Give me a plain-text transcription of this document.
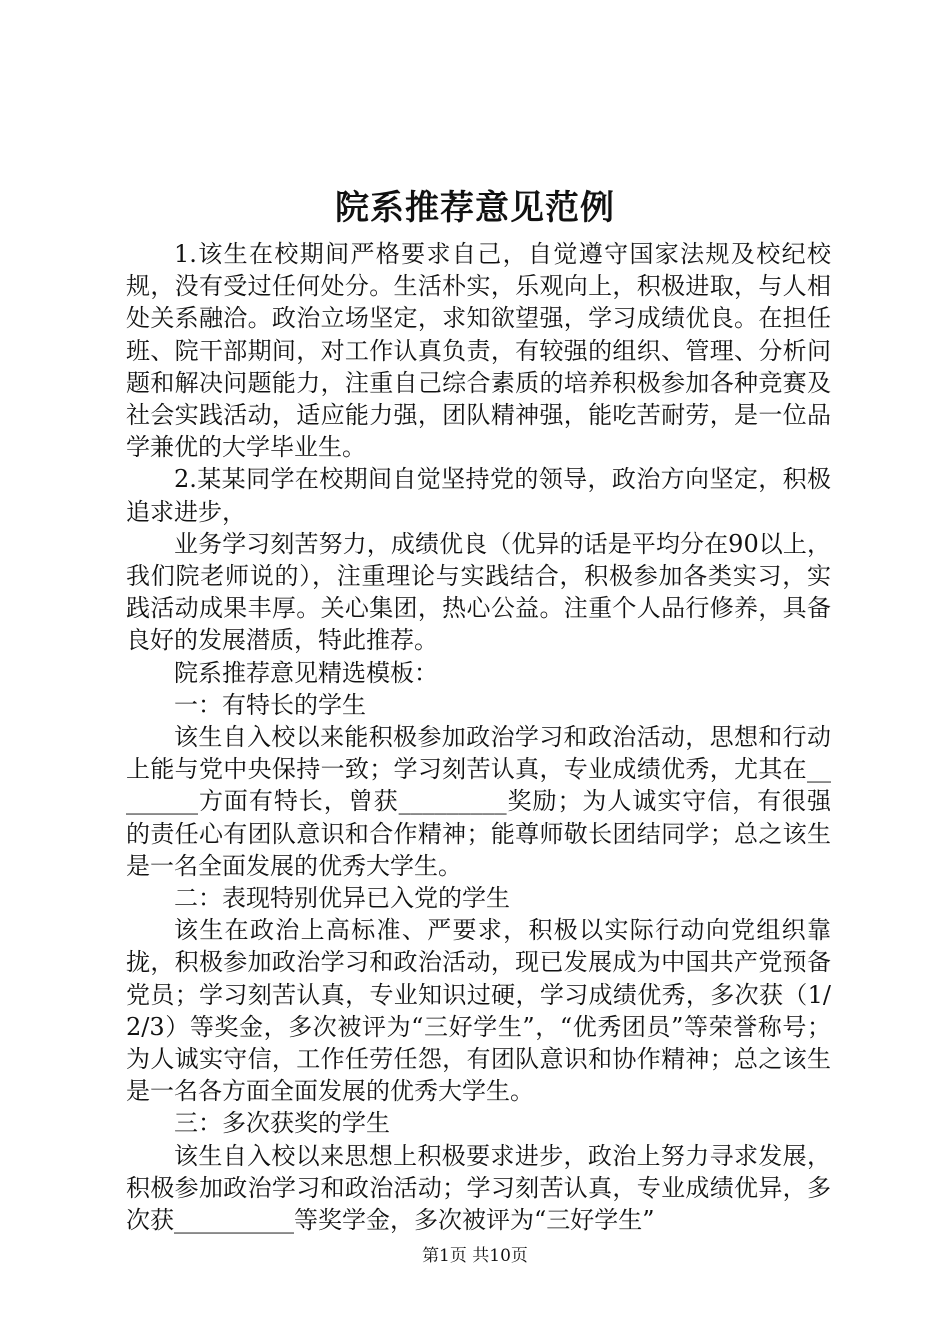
院系推荐意见范例

1.该生在校期间严格要求自己，自觉遵守国家法规及校纪校规，没有受过任何处分。生活朴实，乐观向上，积极进取，与人相处关系融洽。政治立场坚定，求知欲望强，学习成绩优良。在担任班、院干部期间，对工作认真负责，有较强的组织、管理、分析问题和解决问题能力，注重自己综合素质的培养积极参加各种竞赛及社会实践活动，适应能力强，团队精神强，能吃苦耐劳，是一位品学兼优的大学毕业生。

2.某某同学在校期间自觉坚持党的领导，政治方向坚定，积极追求进步，

业务学习刻苦努力，成绩优良（优异的话是平均分在90以上，我们院老师说的），注重理论与实践结合，积极参加各类实习，实践活动成果丰厚。关心集团，热心公益。注重个人品行修养，具备良好的发展潜质，特此推荐。

院系推荐意见精选模板：

一：有特长的学生

该生自入校以来能积极参加政治学习和政治活动，思想和行动上能与党中央保持一致；学习刻苦认真，专业成绩优秀，尤其在________方面有特长，曾获_________奖励；为人诚实守信，有很强的责任心有团队意识和合作精神；能尊师敬长团结同学；总之该生是一名全面发展的优秀大学生。

二：表现特别优异已入党的学生

该生在政治上高标准、严要求，积极以实际行动向党组织靠拢，积极参加政治学习和政治活动，现已发展成为中国共产党预备党员；学习刻苦认真，专业知识过硬，学习成绩优秀，多次获（1/2/3）等奖金，多次被评为“三好学生”，“优秀团员”等荣誉称号；为人诚实守信，工作任劳任怨，有团队意识和协作精神；总之该生是一名各方面全面发展的优秀大学生。

三：多次获奖的学生

该生自入校以来思想上积极要求进步，政治上努力寻求发展，积极参加政治学习和政治活动；学习刻苦认真，专业成绩优异，多次获__________等奖学金，多次被评为“三好学生”

第1页 共10页
